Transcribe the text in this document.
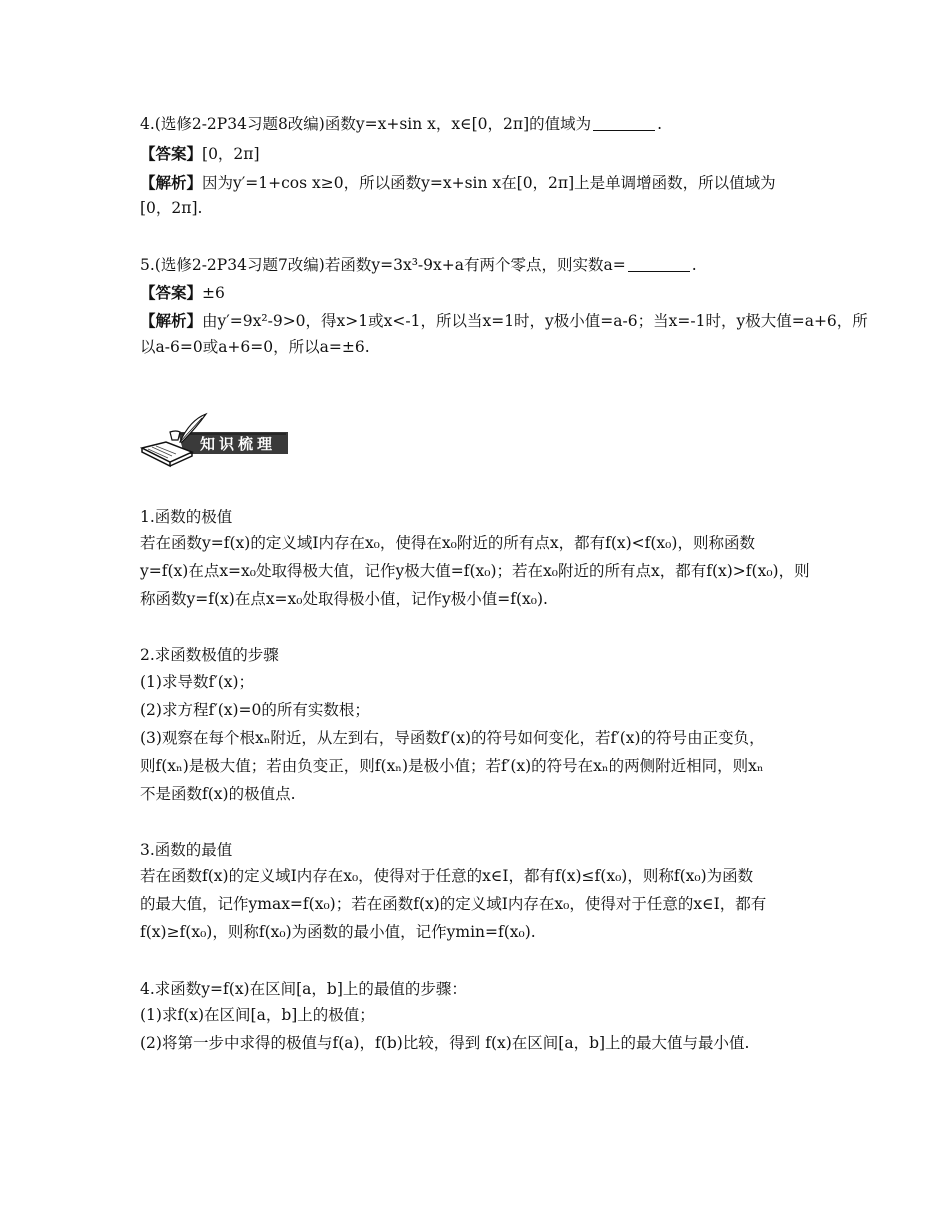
4.(选修2-2P34习题8改编)函数y=x+sin x，x∈[0，2π]的值域为	.
【答案】[0，2π]
【解析】因为y′=1+cos x≥0，所以函数y=x+sin x在[0，2π]上是单调增函数，所以值域为
[0，2π].
5.(选修2-2P34习题7改编)若函数y=3x³-9x+a有两个零点，则实数a=	.
【答案】±6
【解析】由y′=9x²-9>0，得x>1或x<-1，所以当x=1时，y极小值=a-6；当x=-1时，y极大值=a+6，所
以a-6=0或a+6=0，所以a=±6.
知识梳理
1.函数的极值
若在函数y=f(x)的定义域I内存在x₀，使得在x₀附近的所有点x，都有f(x)<f(x₀)，则称函数
y=f(x)在点x=x₀处取得极大值，记作y极大值=f(x₀)；若在x₀附近的所有点x，都有f(x)>f(x₀)，则
称函数y=f(x)在点x=x₀处取得极小值，记作y极小值=f(x₀).
2.求函数极值的步骤
(1)求导数f′(x)；
(2)求方程f′(x)=0的所有实数根；
(3)观察在每个根xₙ附近，从左到右，导函数f′(x)的符号如何变化，若f′(x)的符号由正变负，
则f(xₙ)是极大值；若由负变正，则f(xₙ)是极小值；若f′(x)的符号在xₙ的两侧附近相同，则xₙ
不是函数f(x)的极值点.
3.函数的最值
若在函数f(x)的定义域I内存在x₀，使得对于任意的x∈I，都有f(x)≤f(x₀)，则称f(x₀)为函数
的最大值，记作ymax=f(x₀)；若在函数f(x)的定义域I内存在x₀，使得对于任意的x∈I，都有
f(x)≥f(x₀)，则称f(x₀)为函数的最小值，记作ymin=f(x₀).
4.求函数y=f(x)在区间[a，b]上的最值的步骤：
(1)求f(x)在区间[a，b]上的极值；
(2)将第一步中求得的极值与f(a)，f(b)比较，得到 f(x)在区间[a，b]上的最大值与最小值.
